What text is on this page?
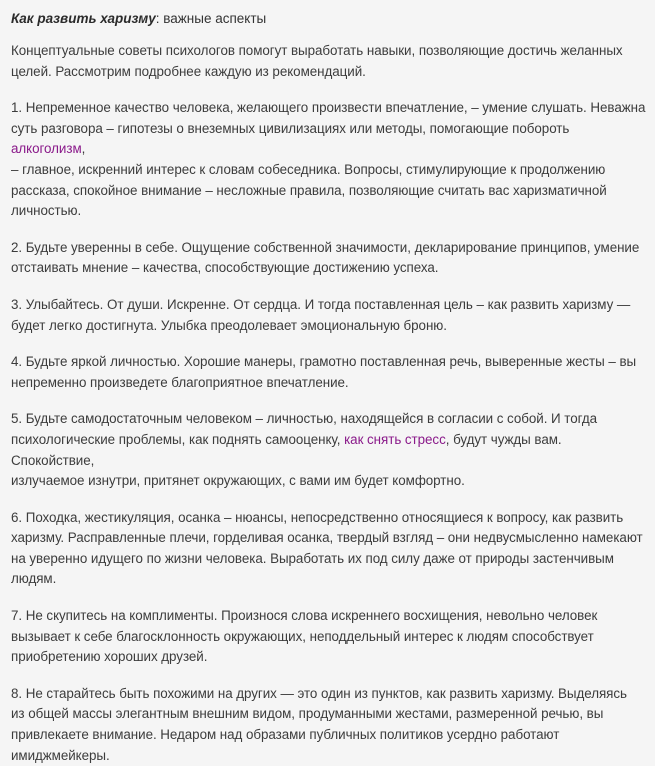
Как развить харизму: важные аспекты
Концептуальные советы психологов помогут выработать навыки, позволяющие достичь желанных
целей. Рассмотрим подробнее каждую из рекомендаций.
1. Непременное качество человека, желающего произвести впечатление, – умение слушать. Неважна
суть разговора – гипотезы о внеземных цивилизациях или методы, помогающие побороть алкоголизм,
– главное, искренний интерес к словам собеседника. Вопросы, стимулирующие к продолжению
рассказа, спокойное внимание – несложные правила, позволяющие считать вас харизматичной
личностью.
2. Будьте уверенны в себе. Ощущение собственной значимости, декларирование принципов, умение
отстаивать мнение – качества, способствующие достижению успеха.
3. Улыбайтесь. От души. Искренне. От сердца. И тогда поставленная цель – как развить харизму —
будет легко достигнута. Улыбка преодолевает эмоциональную броню.
4. Будьте яркой личностью. Хорошие манеры, грамотно поставленная речь, выверенные жесты – вы
непременно произведете благоприятное впечатление.
5. Будьте самодостаточным человеком – личностью, находящейся в согласии с собой. И тогда
психологические проблемы, как поднять самооценку, как снять стресс, будут чужды вам. Спокойствие,
излучаемое изнутри, притянет окружающих, с вами им будет комфортно.
6. Походка, жестикуляция, осанка – нюансы, непосредственно относящиеся к вопросу, как развить
харизму. Расправленные плечи, горделивая осанка, твердый взгляд – они недвусмысленно намекают
на уверенно идущего по жизни человека. Выработать их под силу даже от природы застенчивым
людям.
7. Не скупитесь на комплименты. Произнося слова искреннего восхищения, невольно человек
вызывает к себе благосклонность окружающих, неподдельный интерес к людям способствует
приобретению хороших друзей.
8. Не старайтесь быть похожими на других — это один из пунктов, как развить харизму. Выделяясь
из общей массы элегантным внешним видом, продуманными жестами, размеренной речью, вы
привлекаете внимание. Недаром над образами публичных политиков усердно работают имиджмейкеры.
